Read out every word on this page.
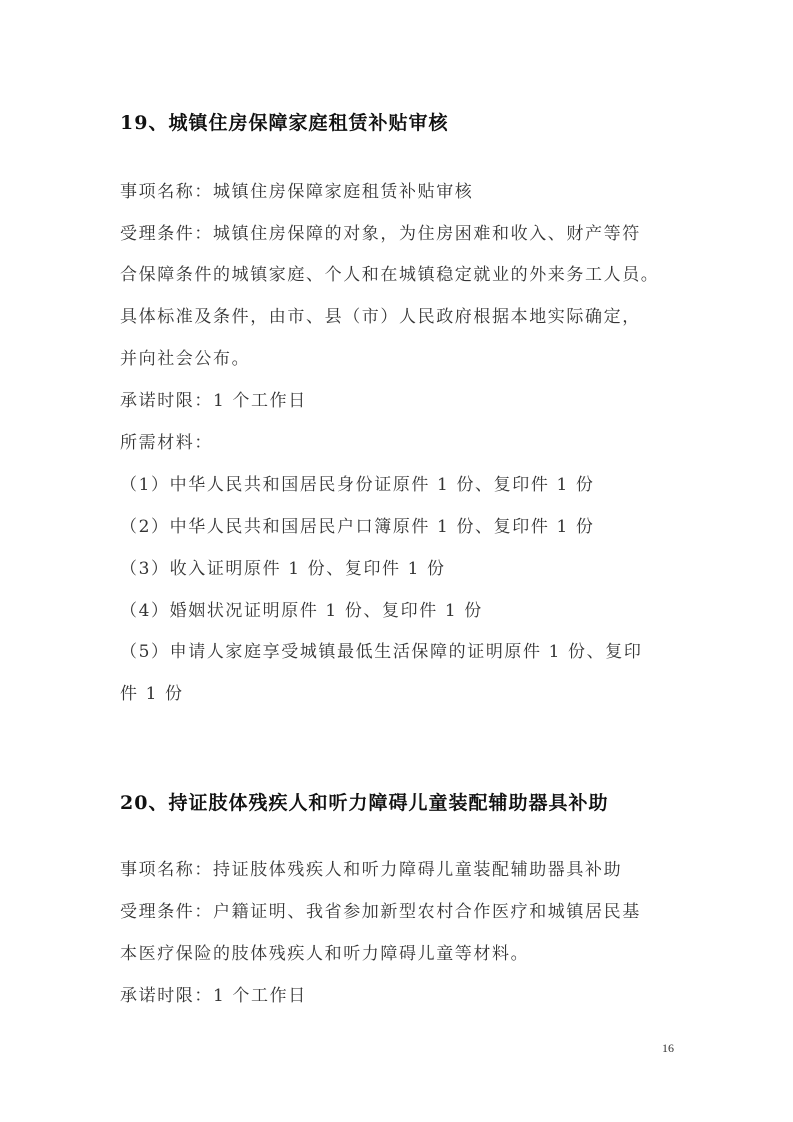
19、城镇住房保障家庭租赁补贴审核

事项名称：城镇住房保障家庭租赁补贴审核

受理条件：城镇住房保障的对象，为住房困难和收入、财产等符

合保障条件的城镇家庭、个人和在城镇稳定就业的外来务工人员。

具体标准及条件，由市、县（市）人民政府根据本地实际确定，

并向社会公布。

承诺时限：1 个工作日

所需材料：

（1）中华人民共和国居民身份证原件 1 份、复印件 1 份

（2）中华人民共和国居民户口簿原件 1 份、复印件 1 份

（3）收入证明原件 1 份、复印件 1 份

（4）婚姻状况证明原件 1 份、复印件 1 份

（5）申请人家庭享受城镇最低生活保障的证明原件 1 份、复印

件 1 份

20、持证肢体残疾人和听力障碍儿童装配辅助器具补助

事项名称：持证肢体残疾人和听力障碍儿童装配辅助器具补助

受理条件：户籍证明、我省参加新型农村合作医疗和城镇居民基

本医疗保险的肢体残疾人和听力障碍儿童等材料。

承诺时限：1 个工作日

16
